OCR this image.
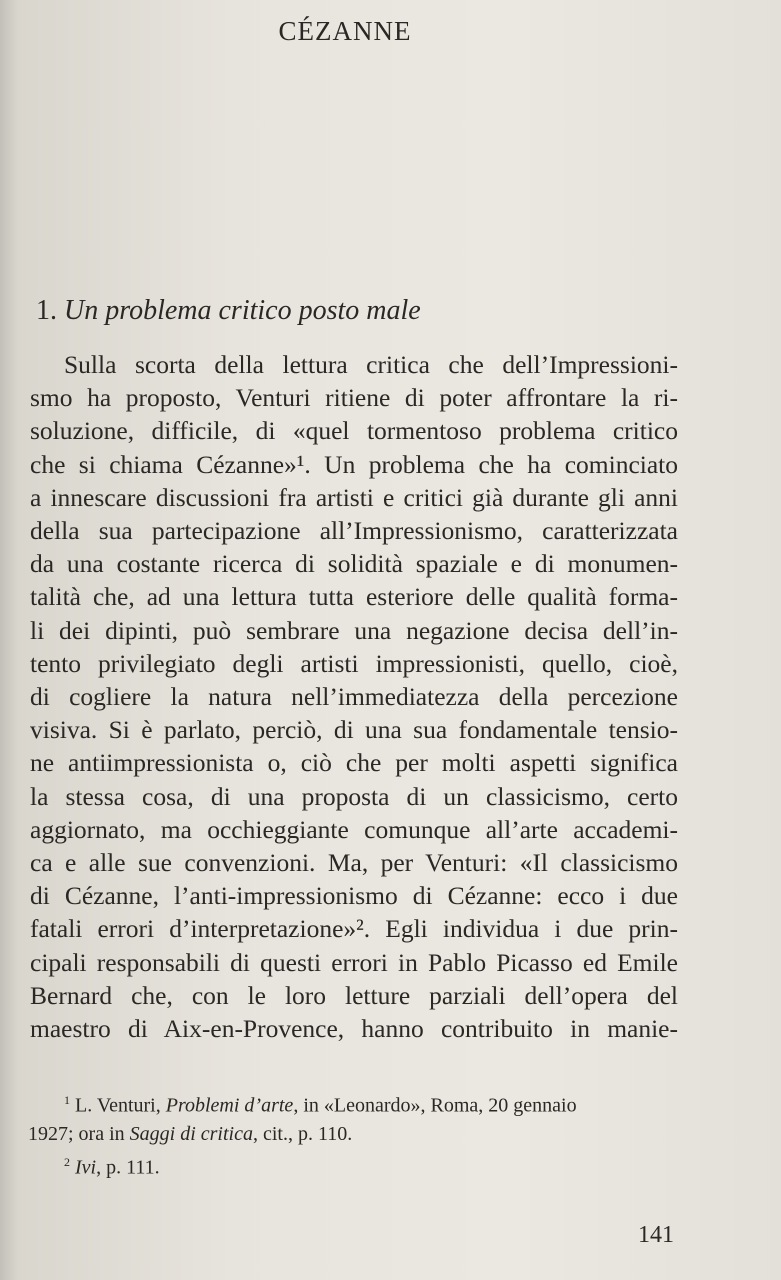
CÉZANNE
1. Un problema critico posto male
Sulla scorta della lettura critica che dell’Impressioni-
smo ha proposto, Venturi ritiene di poter affrontare la ri-
soluzione, difficile, di «quel tormentoso problema critico
che si chiama Cézanne»¹. Un problema che ha cominciato
a innescare discussioni fra artisti e critici già durante gli anni
della sua partecipazione all’Impressionismo, caratterizzata
da una costante ricerca di solidità spaziale e di monumen-
talità che, ad una lettura tutta esteriore delle qualità forma-
li dei dipinti, può sembrare una negazione decisa dell’in-
tento privilegiato degli artisti impressionisti, quello, cioè,
di cogliere la natura nell’immediatezza della percezione
visiva. Si è parlato, perciò, di una sua fondamentale tensio-
ne antiimpressionista o, ciò che per molti aspetti significa
la stessa cosa, di una proposta di un classicismo, certo
aggiornato, ma occhieggiante comunque all’arte accademi-
ca e alle sue convenzioni. Ma, per Venturi: «Il classicismo
di Cézanne, l’anti-impressionismo di Cézanne: ecco i due
fatali errori d’interpretazione»². Egli individua i due prin-
cipali responsabili di questi errori in Pablo Picasso ed Emile
Bernard che, con le loro letture parziali dell’opera del
maestro di Aix-en-Provence, hanno contribuito in manie-
$^1$ L. Venturi, Problemi d’arte, in «Leonardo», Roma, 20 gennaio
1927; ora in Saggi di critica, cit., p. 110.
$^2$ Ivi, p. 111.
141
